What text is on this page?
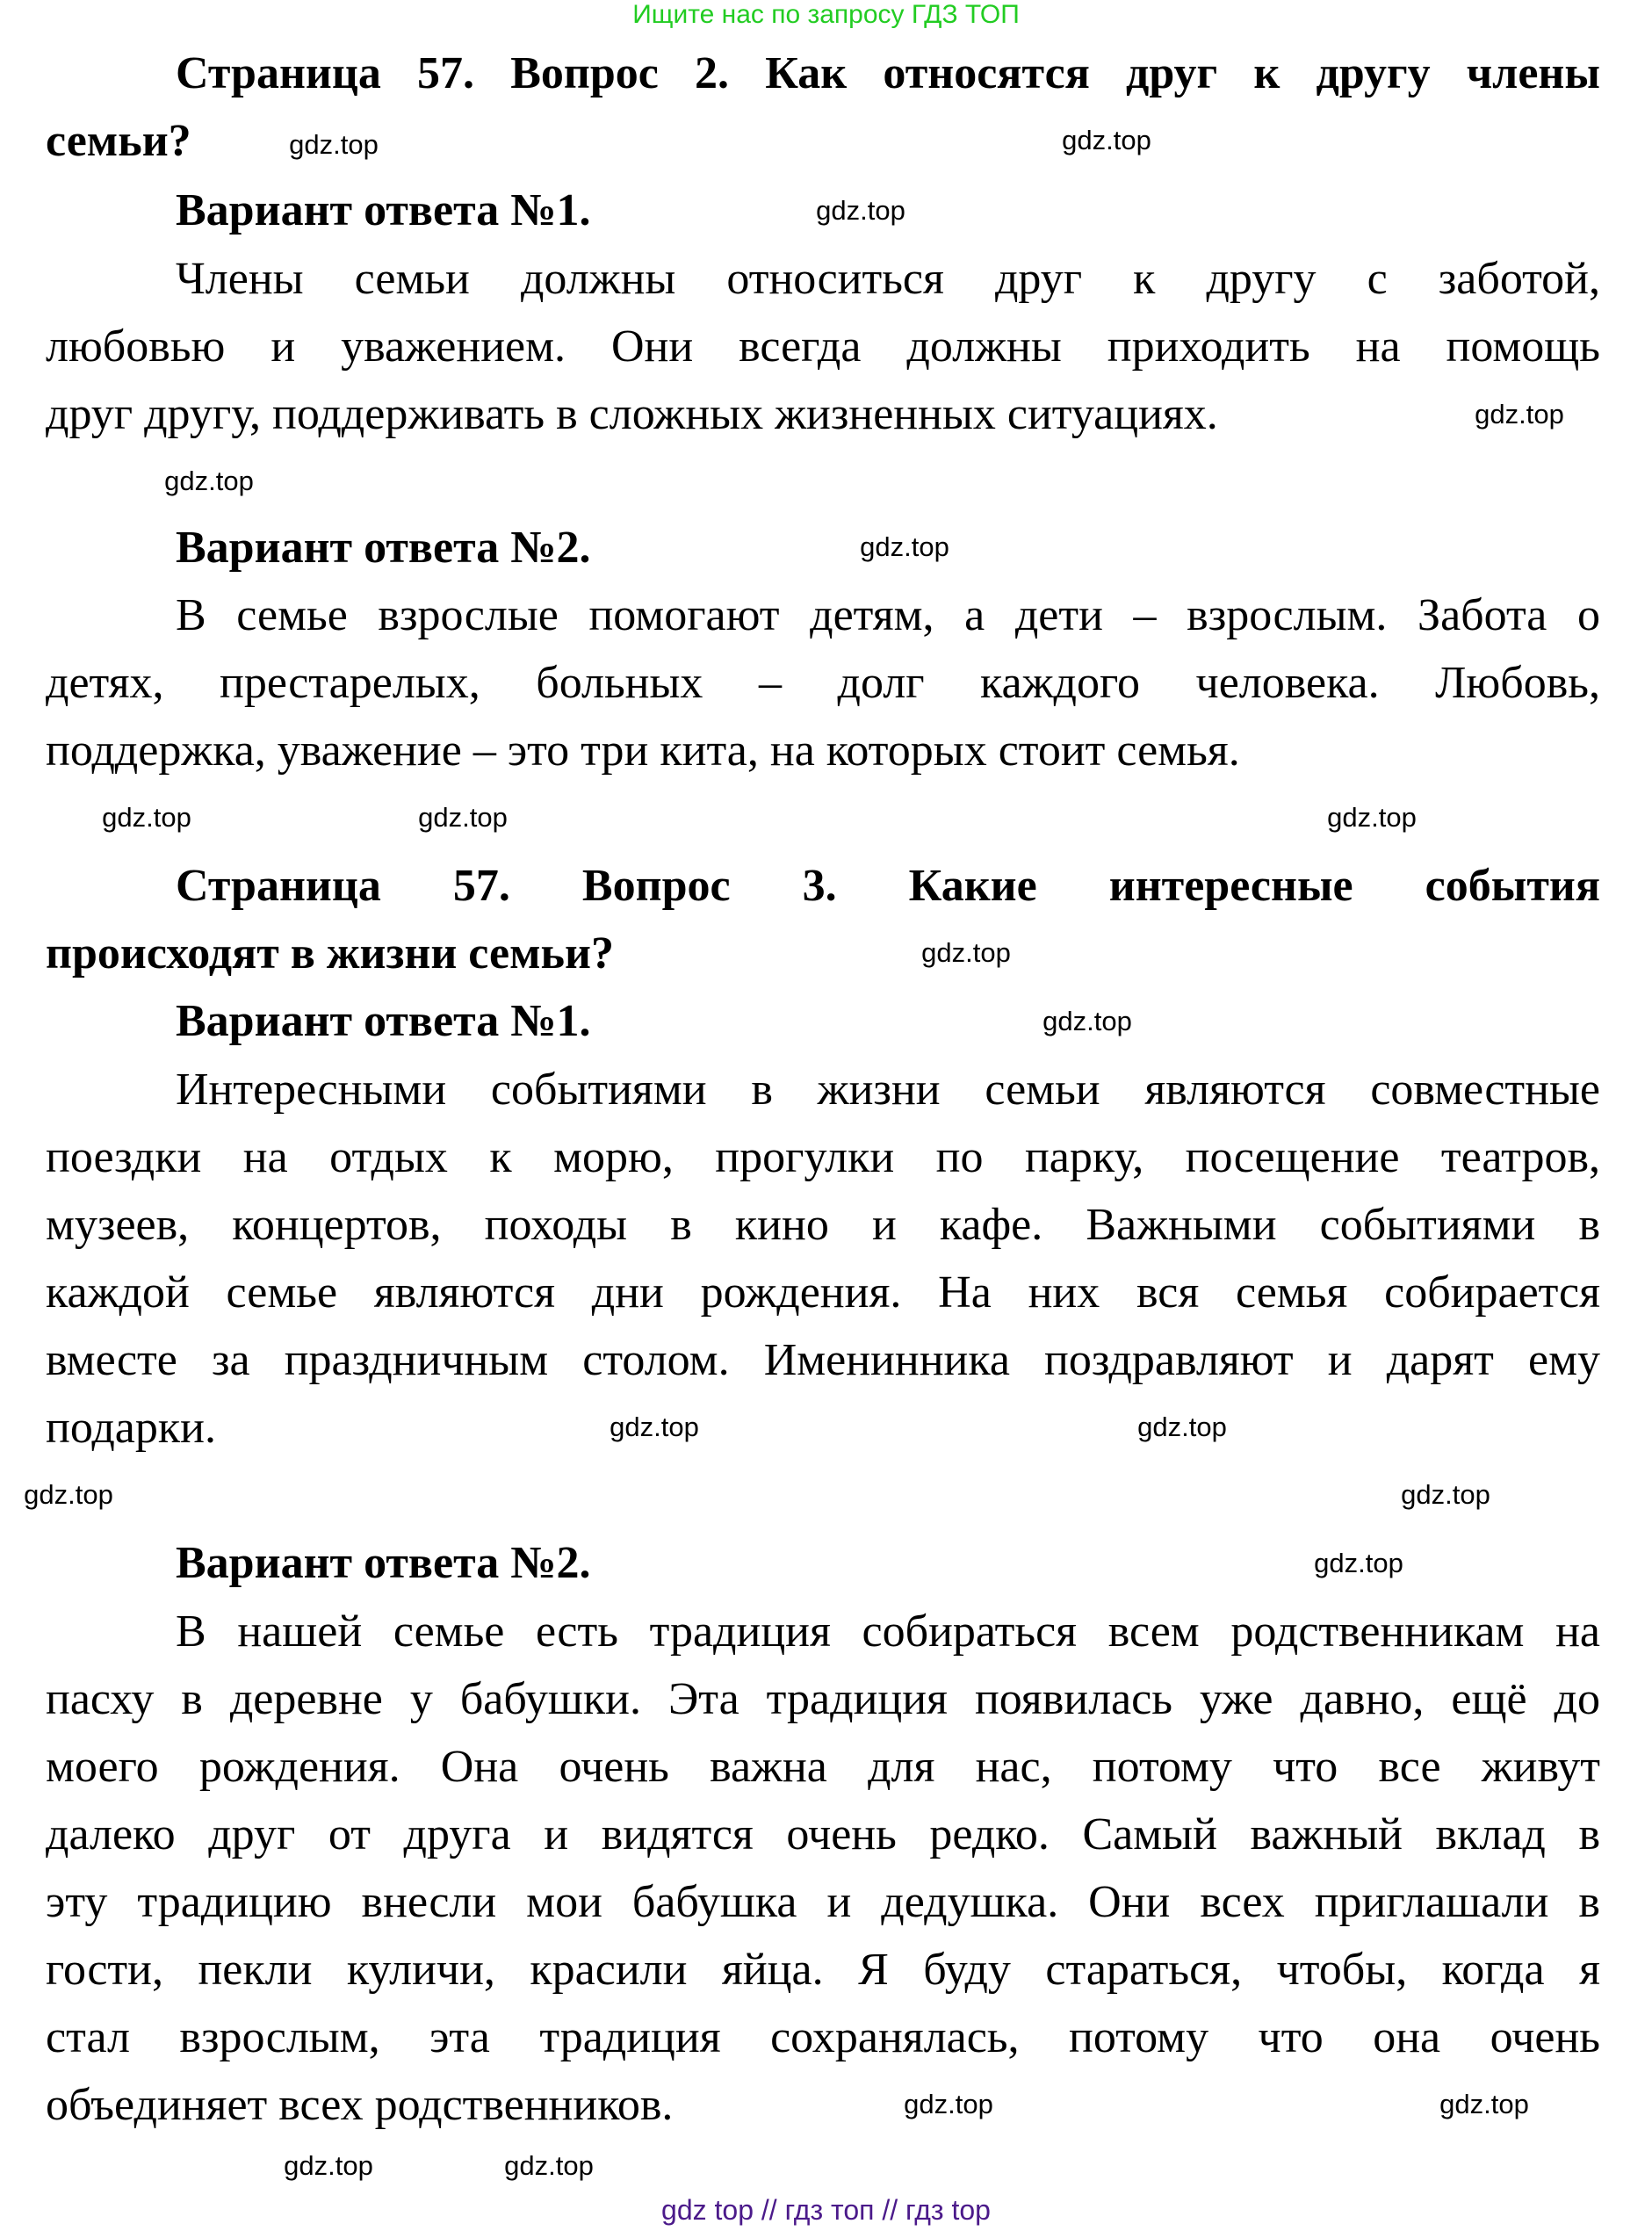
Ищите нас по запросу ГДЗ ТОП
Страница 57. Вопрос 2. Как относятся друг к другу члены
семьи?
Вариант ответа №1.
Члены семьи должны относиться друг к другу с заботой,
любовью и уважением. Они всегда должны приходить на помощь
друг другу, поддерживать в сложных жизненных ситуациях.
Вариант ответа №2.
В семье взрослые помогают детям, а дети – взрослым. Забота о
детях, престарелых, больных – долг каждого человека. Любовь,
поддержка, уважение – это три кита, на которых стоит семья.
Страница 57. Вопрос 3. Какие интересные события
происходят в жизни семьи?
Вариант ответа №1.
Интересными событиями в жизни семьи являются совместные
поездки на отдых к морю, прогулки по парку, посещение театров,
музеев, концертов, походы в кино и кафе. Важными событиями в
каждой семье являются дни рождения. На них вся семья собирается
вместе за праздничным столом. Именинника поздравляют и дарят ему
подарки.
Вариант ответа №2.
В нашей семье есть традиция собираться всем родственникам на
пасху в деревне у бабушки. Эта традиция появилась уже давно, ещё до
моего рождения. Она очень важна для нас, потому что все живут
далеко друг от друга и видятся очень редко. Самый важный вклад в
эту традицию внесли мои бабушка и дедушка. Они всех приглашали в
гости, пекли куличи, красили яйца. Я буду стараться, чтобы, когда я
стал взрослым, эта традиция сохранялась, потому что она очень
объединяет всех родственников.
gdz.top
gdz.top
gdz.top
gdz.top
gdz.top
gdz.top
gdz.top	gdz.top
gdz.top
gdz.top
gdz.top
gdz.top
gdz.top	gdz.top
gdz.top
gdz.top
gdz.top
gdz.top
gdz.top
gdz.top
gdz top // гдз топ // гдз top
